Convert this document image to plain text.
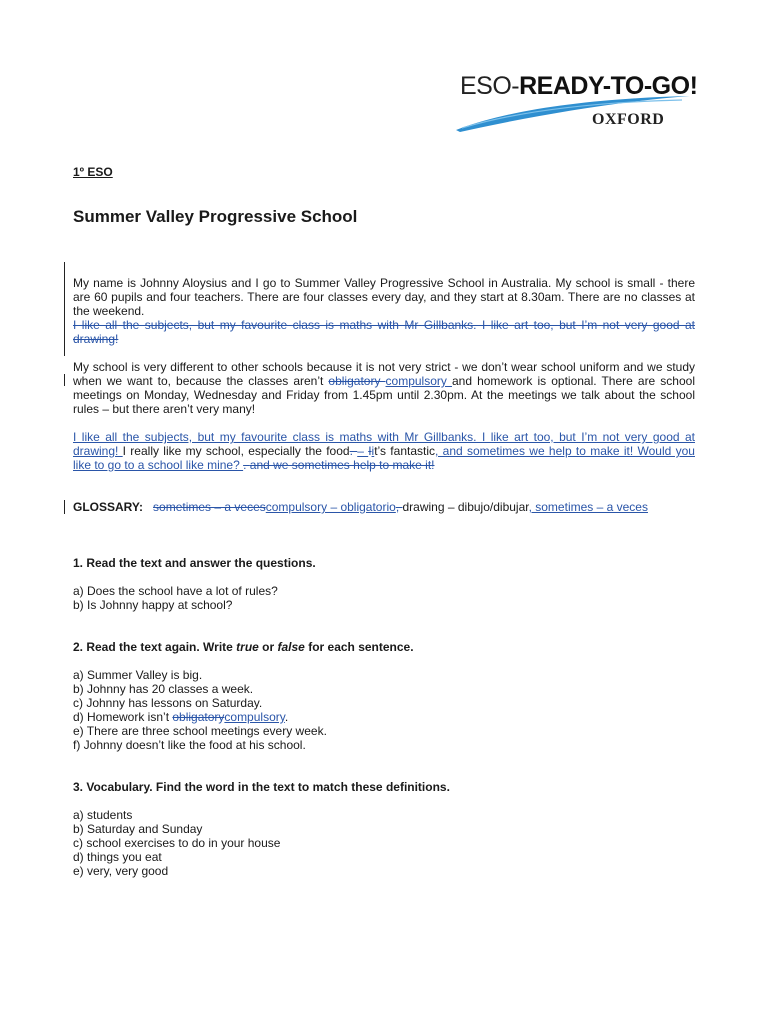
ESO-READY-TO-GO!
OXFORD
1º ESO
Summer Valley Progressive School
My name is Johnny Aloysius and I go to Summer Valley Progressive School in Australia. My school is small - there are 60 pupils and four teachers. There are four classes every day, and they start at 8.30am. There are no classes at the weekend.
I like all the subjects, but my favourite class is maths with Mr Gillbanks. I like art too, but I’m not very good at drawing!
My school is very different to other schools because it is not very strict - we don’t wear school uniform and we study when we want to, because the classes aren’t obligatory compulsory and homework is optional. There are school meetings on Monday, Wednesday and Friday from 1.45pm until 2.30pm. At the meetings we talk about the school rules – but there aren’t very many!
I like all the subjects, but my favourite class is maths with Mr Gillbanks. I like art too, but I’m not very good at drawing! I really like my school, especially the food. – Iit’s fantastic, and sometimes we help to make it! Would you like to go to a school like mine? . and we sometimes help to make it!
GLOSSARY: sometimes – a vecescompulsory – obligatorio, drawing – dibujo/dibujar, sometimes – a veces
1. Read the text and answer the questions.
a) Does the school have a lot of rules?
b) Is Johnny happy at school?
2. Read the text again. Write true or false for each sentence.
a) Summer Valley is big.
b) Johnny has 20 classes a week.
c) Johnny has lessons on Saturday.
d) Homework isn’t obligatorycompulsory.
e) There are three school meetings every week.
f) Johnny doesn’t like the food at his school.
3. Vocabulary. Find the word in the text to match these definitions.
a) students
b) Saturday and Sunday
c) school exercises to do in your house
d) things you eat
e) very, very good
